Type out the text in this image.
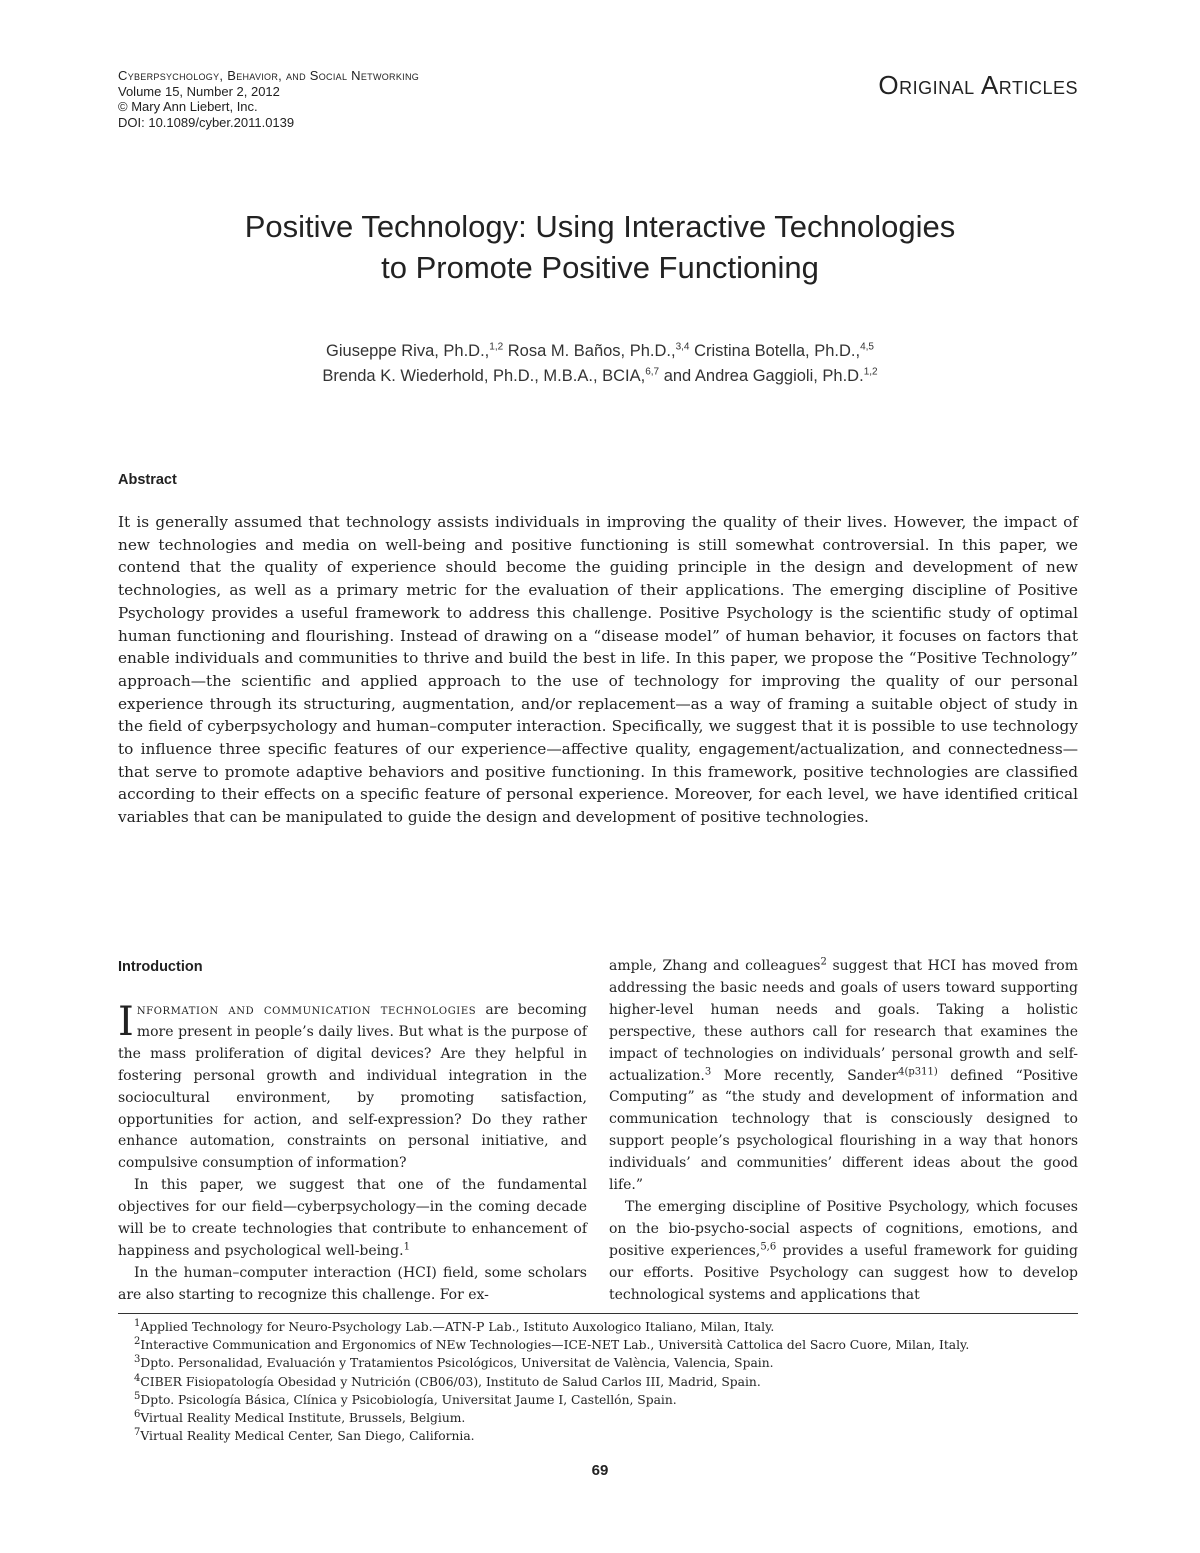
Cyberpsychology, Behavior, and Social Networking
Volume 15, Number 2, 2012
© Mary Ann Liebert, Inc.
DOI: 10.1089/cyber.2011.0139
Original Articles
Positive Technology: Using Interactive Technologies
to Promote Positive Functioning
Giuseppe Riva, Ph.D.,$^{1,2}$ Rosa M. Baños, Ph.D.,$^{3,4}$ Cristina Botella, Ph.D.,$^{4,5}$
Brenda K. Wiederhold, Ph.D., M.B.A., BCIA,$^{6,7}$ and Andrea Gaggioli, Ph.D.$^{1,2}$
Abstract
It is generally assumed that technology assists individuals in improving the quality of their lives. However, the impact of new technologies and media on well-being and positive functioning is still somewhat controversial. In this paper, we contend that the quality of experience should become the guiding principle in the design and development of new technologies, as well as a primary metric for the evaluation of their applications. The emerging discipline of Positive Psychology provides a useful framework to address this challenge. Positive Psychology is the scientific study of optimal human functioning and flourishing. Instead of drawing on a “disease model” of human behavior, it focuses on factors that enable individuals and communities to thrive and build the best in life. In this paper, we propose the “Positive Technology” approach—the scientific and applied approach to the use of technology for improving the quality of our personal experience through its structuring, augmentation, and/or replacement—as a way of framing a suitable object of study in the field of cyberpsychology and human–computer interaction. Specifically, we suggest that it is possible to use technology to influence three specific features of our experience—affective quality, engagement/actualization, and connectedness—that serve to promote adaptive behaviors and positive functioning. In this framework, positive technologies are classified according to their effects on a specific feature of personal experience. Moreover, for each level, we have identified critical variables that can be manipulated to guide the design and development of positive technologies.
Introduction

Information and communication technologies are becoming more present in people’s daily lives. But what is the purpose of the mass proliferation of digital devices? Are they helpful in fostering personal growth and individual integration in the sociocultural environment, by promoting satisfaction, opportunities for action, and self-expression? Do they rather enhance automation, constraints on personal initiative, and compulsive consumption of information?

In this paper, we suggest that one of the fundamental objectives for our field—cyberpsychology—in the coming decade will be to create technologies that contribute to enhancement of happiness and psychological well-being.$^1$

In the human–computer interaction (HCI) field, some scholars are also starting to recognize this challenge. For ex-

ample, Zhang and colleagues$^2$ suggest that HCI has moved from addressing the basic needs and goals of users toward supporting higher-level human needs and goals. Taking a holistic perspective, these authors call for research that examines the impact of technologies on individuals’ personal growth and self-actualization.$^3$ More recently, Sander$^{4(p311)}$ defined “Positive Computing” as “the study and development of information and communication technology that is consciously designed to support people’s psychological flourishing in a way that honors individuals’ and communities’ different ideas about the good life.”

The emerging discipline of Positive Psychology, which focuses on the bio-psycho-social aspects of cognitions, emotions, and positive experiences,$^{5,6}$ provides a useful framework for guiding our efforts. Positive Psychology can suggest how to develop technological systems and applications that

$^1$Applied Technology for Neuro-Psychology Lab.—ATN-P Lab., Istituto Auxologico Italiano, Milan, Italy.
$^2$Interactive Communication and Ergonomics of NEw Technologies—ICE-NET Lab., Università Cattolica del Sacro Cuore, Milan, Italy.
$^3$Dpto. Personalidad, Evaluación y Tratamientos Psicológicos, Universitat de València, Valencia, Spain.
$^4$CIBER Fisiopatología Obesidad y Nutrición (CB06/03), Instituto de Salud Carlos III, Madrid, Spain.
$^5$Dpto. Psicología Básica, Clínica y Psicobiología, Universitat Jaume I, Castellón, Spain.
$^6$Virtual Reality Medical Institute, Brussels, Belgium.
$^7$Virtual Reality Medical Center, San Diego, California.
69
